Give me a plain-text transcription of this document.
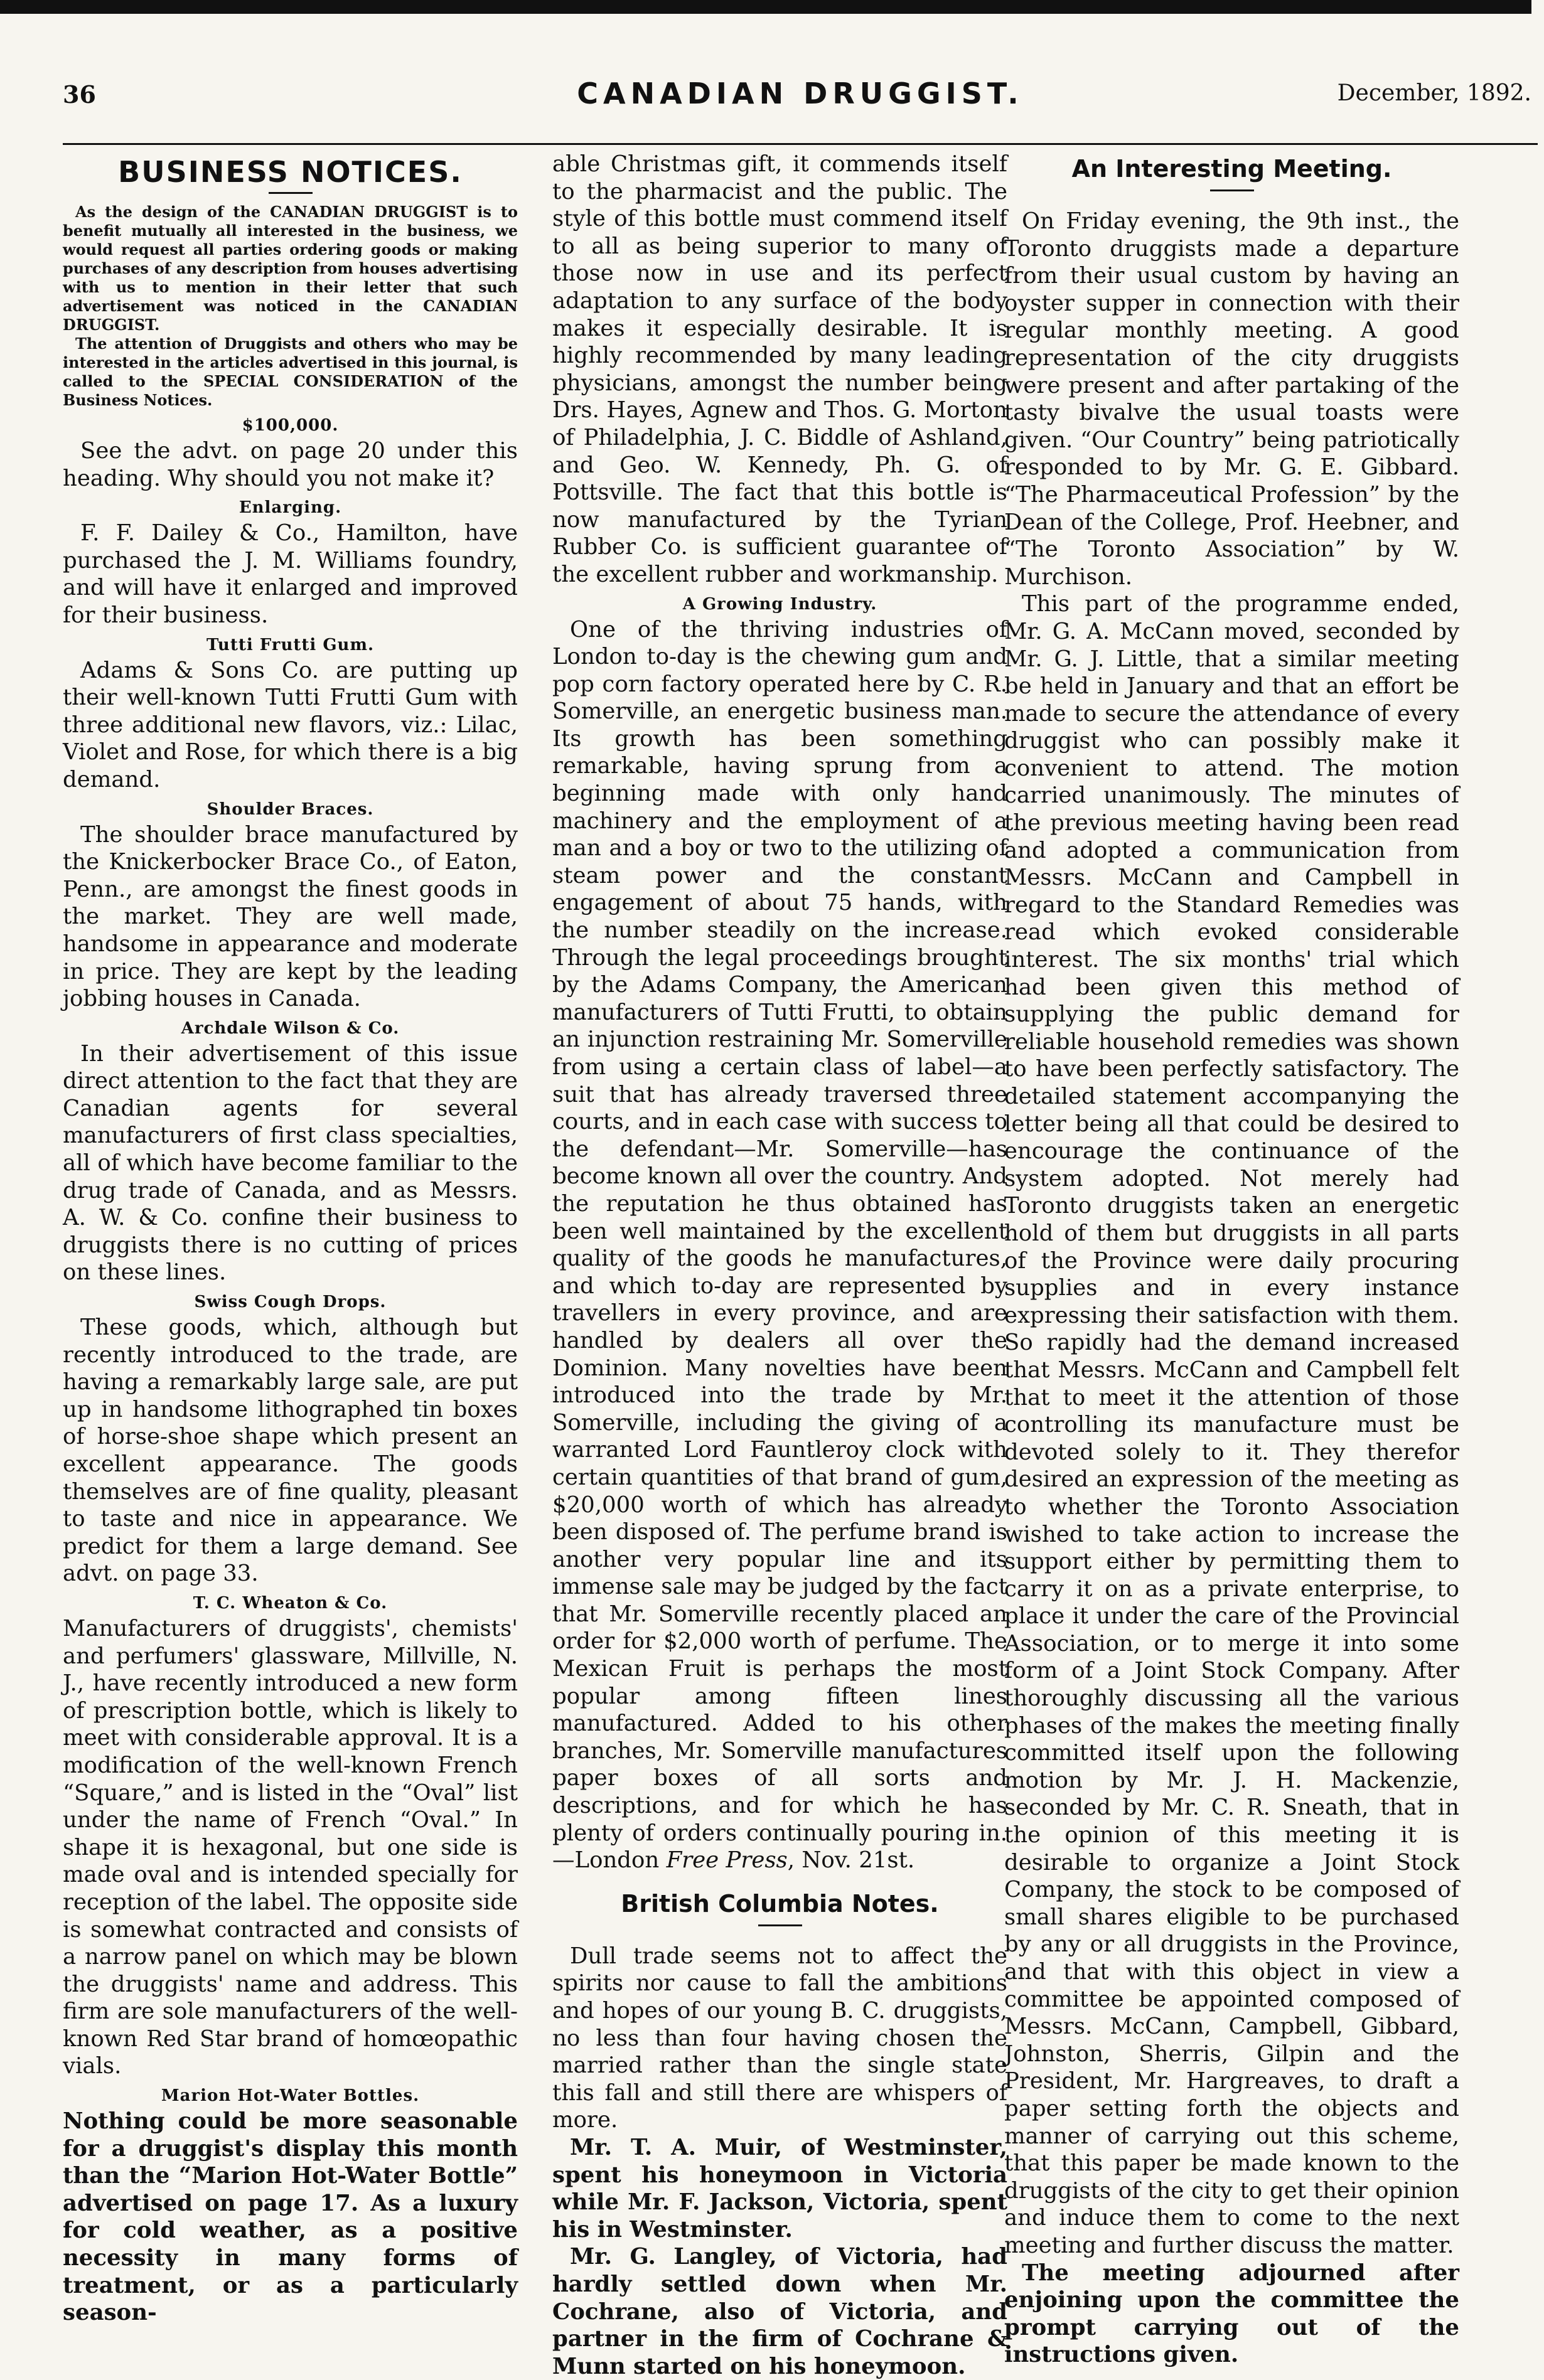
36	CANADIAN DRUGGIST.	December, 1892.
BUSINESS NOTICES.

As the design of the CANADIAN DRUGGIST is to benefit mutually all interested in the business, we would request all parties ordering goods or making purchases of any description from houses advertising with us to mention in their letter that such advertisement was noticed in the CANADIAN DRUGGIST.

The attention of Druggists and others who may be interested in the articles advertised in this journal, is called to the SPECIAL CONSIDERATION of the Business Notices.

$100,000.

See the advt. on page 20 under this heading. Why should you not make it?

Enlarging.

F. F. Dailey & Co., Hamilton, have purchased the J. M. Williams foundry, and will have it enlarged and improved for their business.

Tutti Frutti Gum.

Adams & Sons Co. are putting up their well-known Tutti Frutti Gum with three additional new flavors, viz.: Lilac, Violet and Rose, for which there is a big demand.

Shoulder Braces.

The shoulder brace manufactured by the Knickerbocker Brace Co., of Eaton, Penn., are amongst the finest goods in the market. They are well made, handsome in appearance and moderate in price. They are kept by the leading jobbing houses in Canada.

Archdale Wilson & Co.

In their advertisement of this issue direct attention to the fact that they are Canadian agents for several manufacturers of first class specialties, all of which have become familiar to the drug trade of Canada, and as Messrs. A. W. & Co. confine their business to druggists there is no cutting of prices on these lines.

Swiss Cough Drops.

These goods, which, although but recently introduced to the trade, are having a remarkably large sale, are put up in handsome lithographed tin boxes of horse-shoe shape which present an excellent appearance. The goods themselves are of fine quality, pleasant to taste and nice in appearance. We predict for them a large demand. See advt. on page 33.

T. C. Wheaton & Co.

Manufacturers of druggists', chemists' and perfumers' glassware, Millville, N. J., have recently introduced a new form of prescription bottle, which is likely to meet with considerable approval. It is a modification of the well-known French “Square,” and is listed in the “Oval” list under the name of French “Oval.” In shape it is hexagonal, but one side is made oval and is intended specially for reception of the label. The opposite side is somewhat contracted and consists of a narrow panel on which may be blown the druggists' name and address. This firm are sole manufacturers of the well-known Red Star brand of homœopathic vials.

Marion Hot-Water Bottles.

Nothing could be more seasonable for a druggist's display this month than the “Marion Hot-Water Bottle” advertised on page 17. As a luxury for cold weather, as a positive necessity in many forms of treatment, or as a particularly season-

able Christmas gift, it commends itself to the pharmacist and the public. The style of this bottle must commend itself to all as being superior to many of those now in use and its perfect adaptation to any surface of the body makes it especially desirable. It is highly recommended by many leading physicians, amongst the number being Drs. Hayes, Agnew and Thos. G. Morton of Philadelphia, J. C. Biddle of Ashland, and Geo. W. Kennedy, Ph. G. of Pottsville. The fact that this bottle is now manufactured by the Tyrian Rubber Co. is sufficient guarantee of the excellent rubber and workmanship.

A Growing Industry.

One of the thriving industries of London to-day is the chewing gum and pop corn factory operated here by C. R. Somerville, an energetic business man. Its growth has been something remarkable, having sprung from a beginning made with only hand machinery and the employment of a man and a boy or two to the utilizing of steam power and the constant engagement of about 75 hands, with the number steadily on the increase. Through the legal proceedings brought by the Adams Company, the American manufacturers of Tutti Frutti, to obtain an injunction restraining Mr. Somerville from using a certain class of label—a suit that has already traversed three courts, and in each case with success to the defendant—Mr. Somerville—has become known all over the country. And the reputation he thus obtained has been well maintained by the excellent quality of the goods he manufactures, and which to-day are represented by travellers in every province, and are handled by dealers all over the Dominion. Many novelties have been introduced into the trade by Mr. Somerville, including the giving of a warranted Lord Fauntleroy clock with certain quantities of that brand of gum, $20,000 worth of which has already been disposed of. The perfume brand is another very popular line and its immense sale may be judged by the fact that Mr. Somerville recently placed an order for $2,000 worth of perfume. The Mexican Fruit is perhaps the most popular among fifteen lines manufactured. Added to his other branches, Mr. Somerville manufactures paper boxes of all sorts and descriptions, and for which he has plenty of orders continually pouring in.—London Free Press, Nov. 21st.

British Columbia Notes.

Dull trade seems not to affect the spirits nor cause to fall the ambitions and hopes of our young B. C. druggists, no less than four having chosen the married rather than the single state this fall and still there are whispers of more.

Mr. T. A. Muir, of Westminster, spent his honeymoon in Victoria while Mr. F. Jackson, Victoria, spent his in Westminster.

Mr. G. Langley, of Victoria, had hardly settled down when Mr. Cochrane, also of Victoria, and partner in the firm of Cochrane & Munn started on his honeymoon.

An Interesting Meeting.

On Friday evening, the 9th inst., the Toronto druggists made a departure from their usual custom by having an oyster supper in connection with their regular monthly meeting. A good representation of the city druggists were present and after partaking of the tasty bivalve the usual toasts were given. “Our Country” being patriotically responded to by Mr. G. E. Gibbard. “The Pharmaceutical Profession” by the Dean of the College, Prof. Heebner, and “The Toronto Association” by W. Murchison.

This part of the programme ended, Mr. G. A. McCann moved, seconded by Mr. G. J. Little, that a similar meeting be held in January and that an effort be made to secure the attendance of every druggist who can possibly make it convenient to attend. The motion carried unanimously. The minutes of the previous meeting having been read and adopted a communication from Messrs. McCann and Campbell in regard to the Standard Remedies was read which evoked considerable interest. The six months' trial which had been given this method of supplying the public demand for reliable household remedies was shown to have been perfectly satisfactory. The detailed statement accompanying the letter being all that could be desired to encourage the continuance of the system adopted. Not merely had Toronto druggists taken an energetic hold of them but druggists in all parts of the Province were daily procuring supplies and in every instance expressing their satisfaction with them. So rapidly had the demand increased that Messrs. McCann and Campbell felt that to meet it the attention of those controlling its manufacture must be devoted solely to it. They therefor desired an expression of the meeting as to whether the Toronto Association wished to take action to increase the support either by permitting them to carry it on as a private enterprise, to place it under the care of the Provincial Association, or to merge it into some form of a Joint Stock Company. After thoroughly discussing all the various phases of the makes the meeting finally committed itself upon the following motion by Mr. J. H. Mackenzie, seconded by Mr. C. R. Sneath, that in the opinion of this meeting it is desirable to organize a Joint Stock Company, the stock to be composed of small shares eligible to be purchased by any or all druggists in the Province, and that with this object in view a committee be appointed composed of Messrs. McCann, Campbell, Gibbard, Johnston, Sherris, Gilpin and the President, Mr. Hargreaves, to draft a paper setting forth the objects and manner of carrying out this scheme, that this paper be made known to the druggists of the city to get their opinion and induce them to come to the next meeting and further discuss the matter.

The meeting adjourned after enjoining upon the committee the prompt carrying out of the instructions given.
